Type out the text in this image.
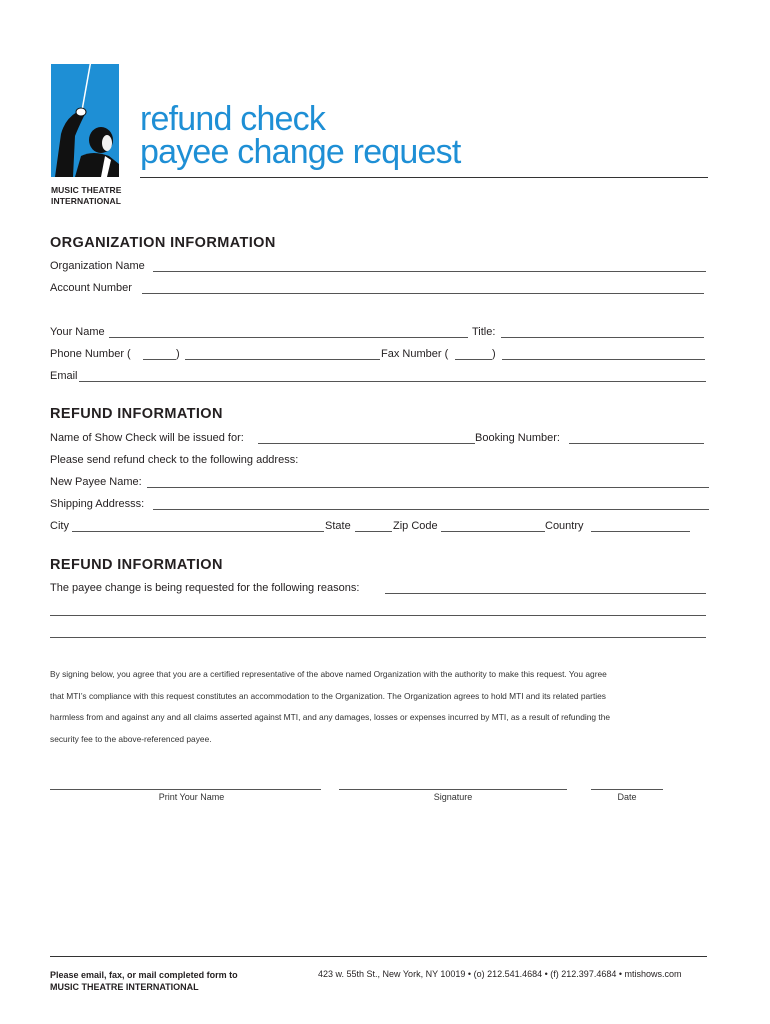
MUSIC THEATRE
INTERNATIONAL
refund check
payee change request
ORGANIZATION INFORMATION
Organization Name
Account Number
Your Name	Title:
Phone Number (	)	Fax Number (	)
Email
REFUND INFORMATION
Name of Show Check will be issued for:	Booking Number:
Please send refund check to the following address:
New Payee Name:
Shipping Addresss:
City	State	Zip Code	Country
REFUND INFORMATION
The payee change is being requested for the following reasons:
By signing below, you agree that you are a certified representative of the above named Organization with the authority to make this request. You agree
that MTI’s compliance with this request constitutes an accommodation to the Organization. The Organization agrees to hold MTI and its related parties
harmless from and against any and all claims asserted against MTI, and any damages, losses or expenses incurred by MTI, as a result of refunding the
security fee to the above-referenced payee.
Print Your Name	Signature	Date
Please email, fax, or mail completed form to
MUSIC THEATRE INTERNATIONAL
423 w. 55th St., New York, NY 10019 • (o) 212.541.4684 • (f) 212.397.4684 • mtishows.com
